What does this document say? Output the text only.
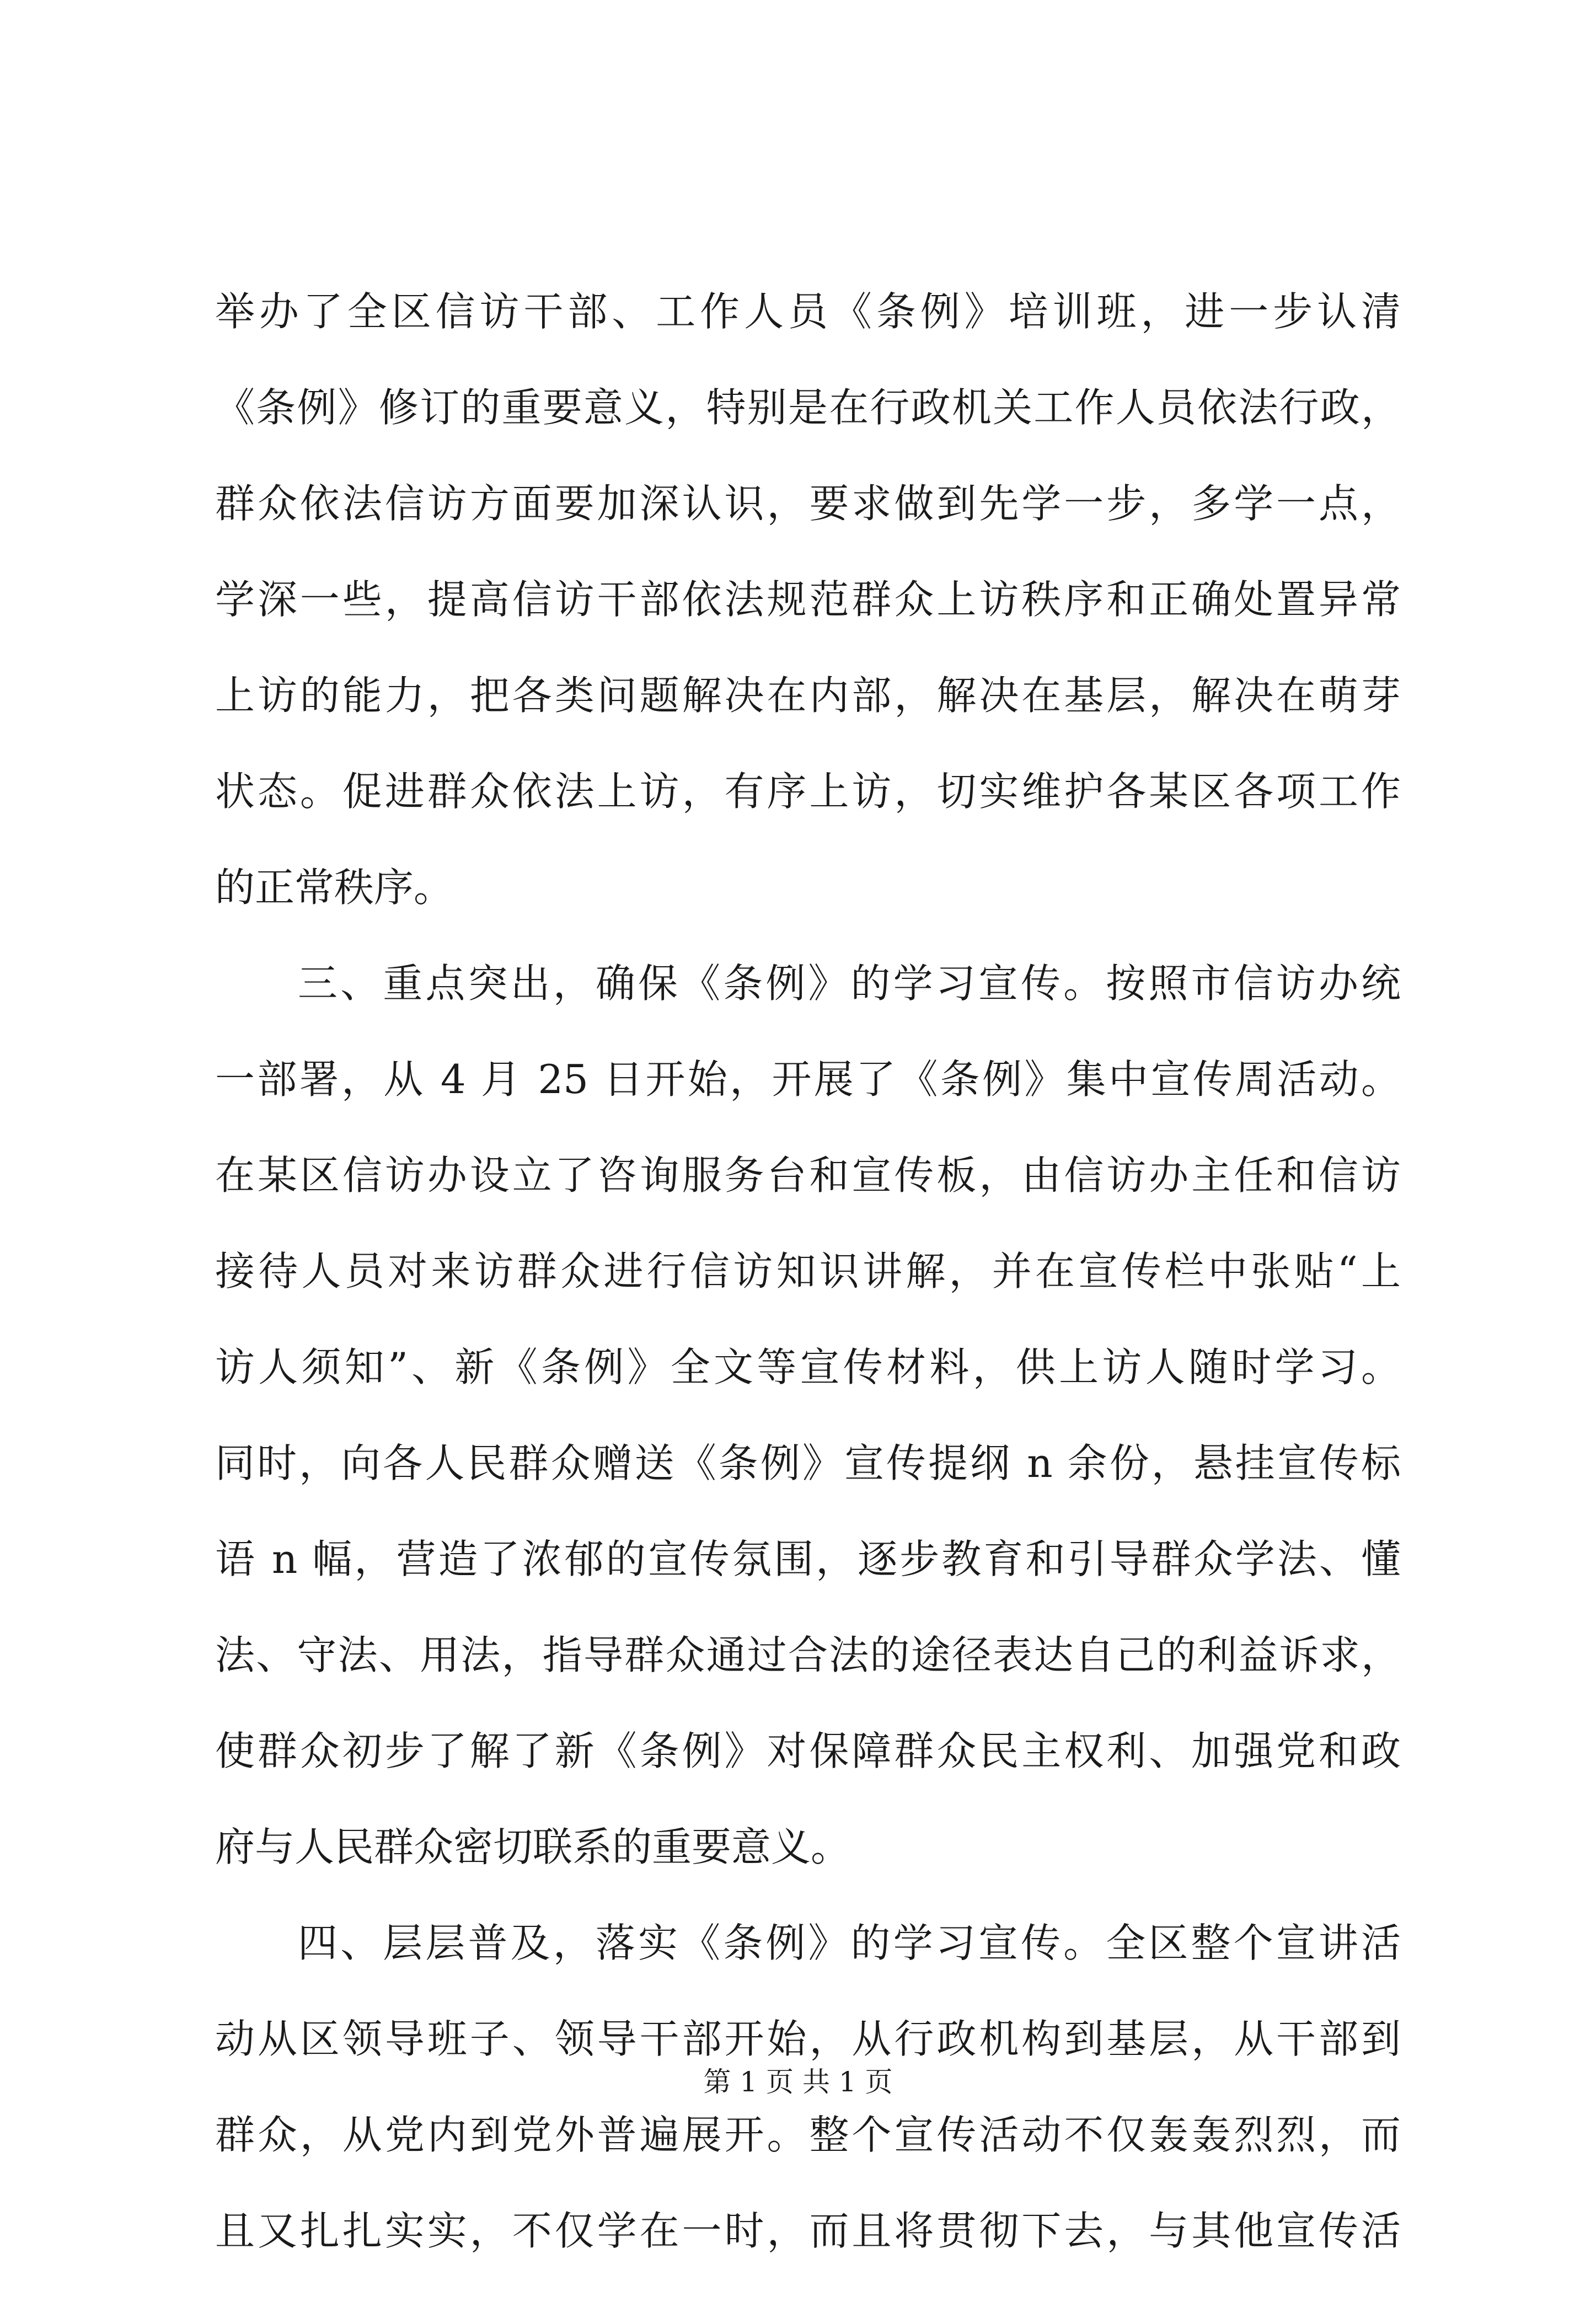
举办了全区信访干部、工作人员《条例》培训班，进一步认清
《条例》修订的重要意义，特别是在行政机关工作人员依法行政，
群众依法信访方面要加深认识，要求做到先学一步，多学一点，
学深一些，提高信访干部依法规范群众上访秩序和正确处置异常
上访的能力，把各类问题解决在内部，解决在基层，解决在萌芽
状态。促进群众依法上访，有序上访，切实维护各某区各项工作
的正常秩序。
三、重点突出，确保《条例》的学习宣传。按照市信访办统
一部署，从 4 月 25 日开始，开展了《条例》集中宣传周活动。
在某区信访办设立了咨询服务台和宣传板，由信访办主任和信访
接待人员对来访群众进行信访知识讲解，并在宣传栏中张贴“上
访人须知”、新《条例》全文等宣传材料，供上访人随时学习。
同时，向各人民群众赠送《条例》宣传提纲 n 余份，悬挂宣传标
语 n 幅，营造了浓郁的宣传氛围，逐步教育和引导群众学法、懂
法、守法、用法，指导群众通过合法的途径表达自己的利益诉求，
使群众初步了解了新《条例》对保障群众民主权利、加强党和政
府与人民群众密切联系的重要意义。
四、层层普及，落实《条例》的学习宣传。全区整个宣讲活
动从区领导班子、领导干部开始，从行政机构到基层，从干部到
群众，从党内到党外普遍展开。整个宣传活动不仅轰轰烈烈，而
且又扎扎实实，不仅学在一时，而且将贯彻下去，与其他宣传活
第 1 页 共 1 页
